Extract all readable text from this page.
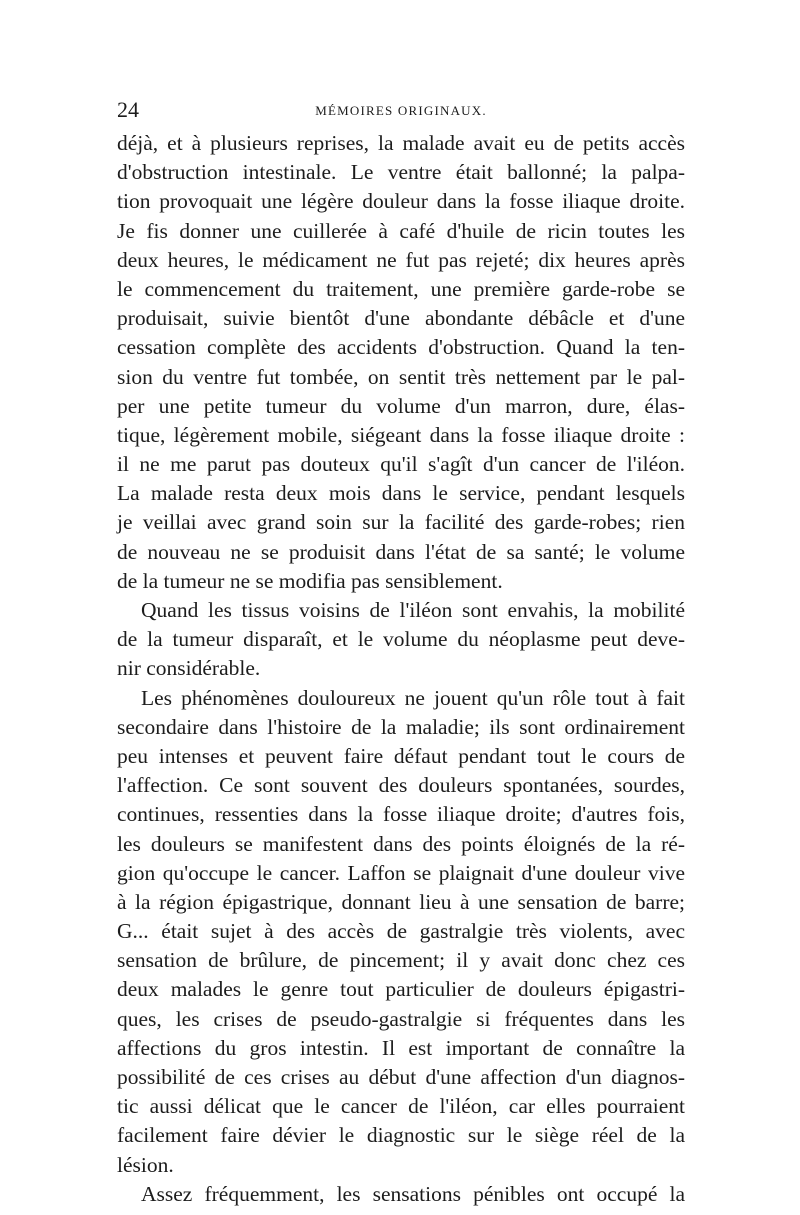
24	MÉMOIRES ORIGINAUX.
déjà, et à plusieurs reprises, la malade avait eu de petits accès
d'obstruction intestinale. Le ventre était ballonné; la palpa-
tion provoquait une légère douleur dans la fosse iliaque droite.
Je fis donner une cuillerée à café d'huile de ricin toutes les
deux heures, le médicament ne fut pas rejeté; dix heures après
le commencement du traitement, une première garde-robe se
produisait, suivie bientôt d'une abondante débâcle et d'une
cessation complète des accidents d'obstruction. Quand la ten-
sion du ventre fut tombée, on sentit très nettement par le pal-
per une petite tumeur du volume d'un marron, dure, élas-
tique, légèrement mobile, siégeant dans la fosse iliaque droite :
il ne me parut pas douteux qu'il s'agît d'un cancer de l'iléon.
La malade resta deux mois dans le service, pendant lesquels
je veillai avec grand soin sur la facilité des garde-robes; rien
de nouveau ne se produisit dans l'état de sa santé; le volume
de la tumeur ne se modifia pas sensiblement.
Quand les tissus voisins de l'iléon sont envahis, la mobilité
de la tumeur disparaît, et le volume du néoplasme peut deve-
nir considérable.
Les phénomènes douloureux ne jouent qu'un rôle tout à fait
secondaire dans l'histoire de la maladie; ils sont ordinairement
peu intenses et peuvent faire défaut pendant tout le cours de
l'affection. Ce sont souvent des douleurs spontanées, sourdes,
continues, ressenties dans la fosse iliaque droite; d'autres fois,
les douleurs se manifestent dans des points éloignés de la ré-
gion qu'occupe le cancer. Laffon se plaignait d'une douleur vive
à la région épigastrique, donnant lieu à une sensation de barre;
G... était sujet à des accès de gastralgie très violents, avec
sensation de brûlure, de pincement; il y avait donc chez ces
deux malades le genre tout particulier de douleurs épigastri-
ques, les crises de pseudo-gastralgie si fréquentes dans les
affections du gros intestin. Il est important de connaître la
possibilité de ces crises au début d'une affection d'un diagnos-
tic aussi délicat que le cancer de l'iléon, car elles pourraient
facilement faire dévier le diagnostic sur le siège réel de la
lésion.
Assez fréquemment, les sensations pénibles ont occupé la
